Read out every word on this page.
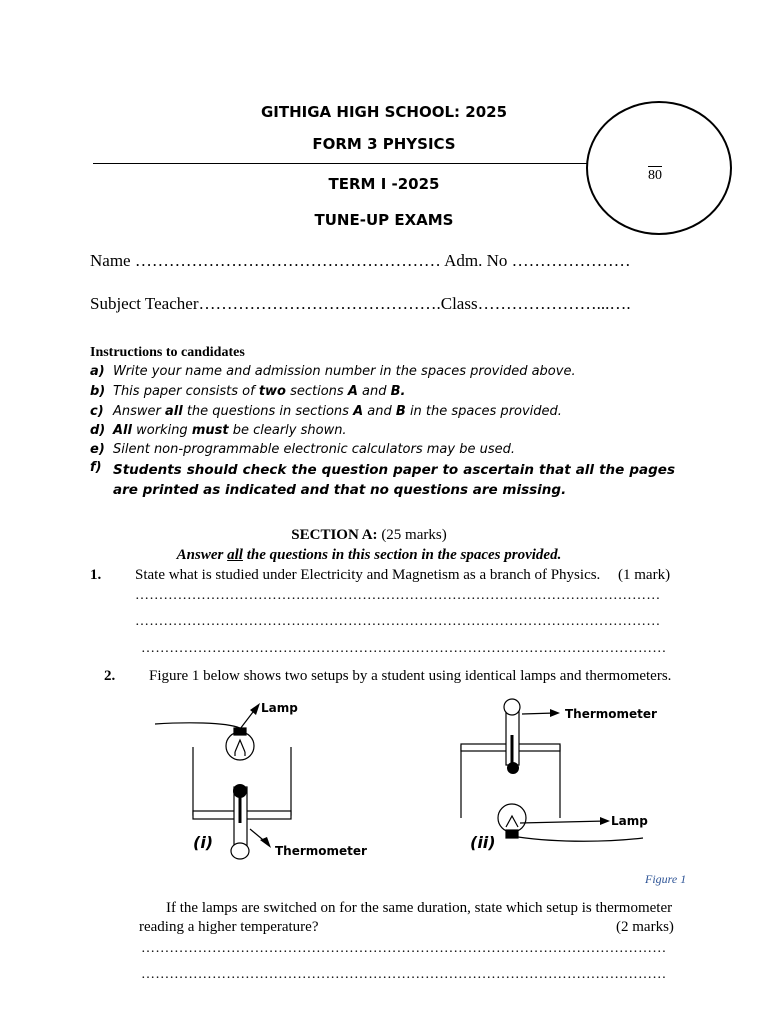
GITHIGA HIGH SCHOOL: 2025
FORM 3 PHYSICS
TERM I -2025
TUNE-UP EXAMS
80
Name ……………………………………………… Adm. No …………………
Subject Teacher…………………………………….Class…………………...….
Instructions to candidates
a) Write your name and admission number in the spaces provided above.
b) This paper consists of two sections A and B.
c) Answer all the questions in sections A and B in the spaces provided.
d) All working must be clearly shown.
e) Silent non-programmable electronic calculators may be used.
f) Students should check the question paper to ascertain that all the pages are printed as indicated and that no questions are missing.
SECTION A: (25 marks)
Answer all the questions in this section in the spaces provided.
1. State what is studied under Electricity and Magnetism as a branch of Physics. (1 mark)
…………………………………………………………………………………………………
…………………………………………………………………………………………………
…………………………………………………………………………………………………
2. Figure 1 below shows two setups by a student using identical lamps and thermometers.
Lamp
Thermometer
(i)
Thermometer
Lamp
(ii)
Figure 1
If the lamps are switched on for the same duration, state which setup is thermometer
reading a higher temperature?	(2 marks)
…………………………………………………………………………………………………
…………………………………………………………………………………………………
